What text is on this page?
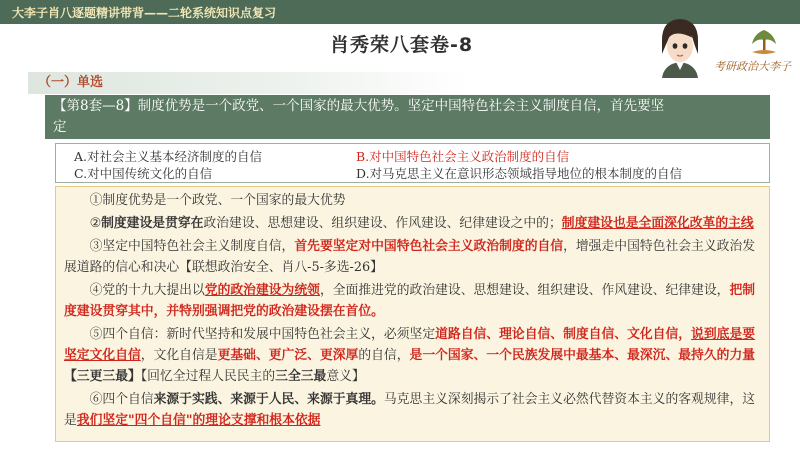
大李子肖八逐题精讲带背——二轮系统知识点复习
肖秀荣八套卷-8
考研政治大李子
（一）单选
【第8套—8】制度优势是一个政党、一个国家的最大优势。坚定中国特色社会主义制度自信，首先要坚
定
A.对社会主义基本经济制度的自信	B.对中国特色社会主义政治制度的自信
C.对中国传统文化的自信	D.对马克思主义在意识形态领域指导地位的根本制度的自信

①制度优势是一个政党、一个国家的最大优势

②制度建设是贯穿在政治建设、思想建设、组织建设、作风建设、纪律建设之中的；制度建设也是全面深化改革的主线

③坚定中国特色社会主义制度自信，首先要坚定对中国特色社会主义政治制度的自信，增强走中国特色社会主义政治发展道路的信心和决心【联想政治安全、肖八-5-多选-26】

④党的十九大提出以党的政治建设为统领，全面推进党的政治建设、思想建设、组织建设、作风建设、纪律建设，把制度建设贯穿其中，并特别强调把党的政治建设摆在首位。

⑤四个自信：新时代坚持和发展中国特色社会主义，必须坚定道路自信、理论自信、制度自信、文化自信，说到底是要坚定文化自信，文化自信是更基础、更广泛、更深厚的自信，是一个国家、一个民族发展中最基本、最深沉、最持久的力量【三更三最】【回忆全过程人民民主的三全三最意义】

⑥四个自信来源于实践、来源于人民、来源于真理。马克思主义深刻揭示了社会主义必然代替资本主义的客观规律，这是我们坚定"四个自信"的理论支撑和根本依据
